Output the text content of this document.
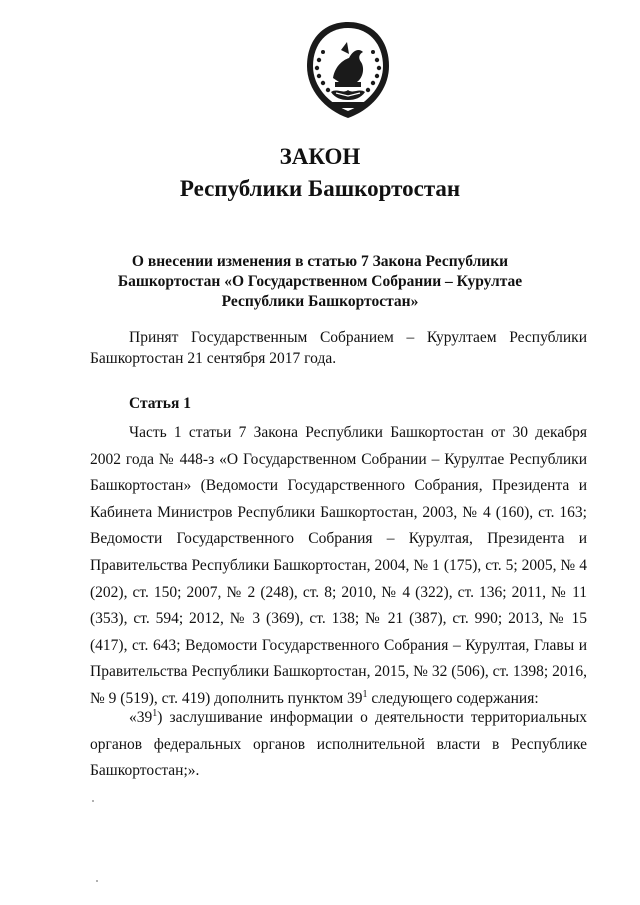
ЗАКОН
Республики Башкортостан
О внесении изменения в статью 7 Закона Республики Башкортостан «О Государственном Собрании – Курултае Республики Башкортостан»

Принят Государственным Собранием – Курултаем Республики Башкортостан 21 сентября 2017 года.

Статья 1

Часть 1 статьи 7 Закона Республики Башкортостан от 30 декабря 2002 года № 448-з «О Государственном Собрании – Курултае Республики Башкортостан» (Ведомости Государственного Собрания, Президента и Кабинета Министров Республики Башкортостан, 2003, № 4 (160), ст. 163; Ведомости Государственного Собрания – Курултая, Президента и Правительства Республики Башкортостан, 2004, № 1 (175), ст. 5; 2005, № 4 (202), ст. 150; 2007, № 2 (248), ст. 8; 2010, № 4 (322), ст. 136; 2011, № 11 (353), ст. 594; 2012, № 3 (369), ст. 138; № 21 (387), ст. 990; 2013, № 15 (417), ст. 643; Ведомости Государственного Собрания – Курултая, Главы и Правительства Республики Башкортостан, 2015, № 32 (506), ст. 1398; 2016, № 9 (519), ст. 419) дополнить пунктом $39^1$ следующего содержания:

«$39^1$) заслушивание информации о деятельности территориальных органов федеральных органов исполнительной власти в Республике Башкортостан;».
